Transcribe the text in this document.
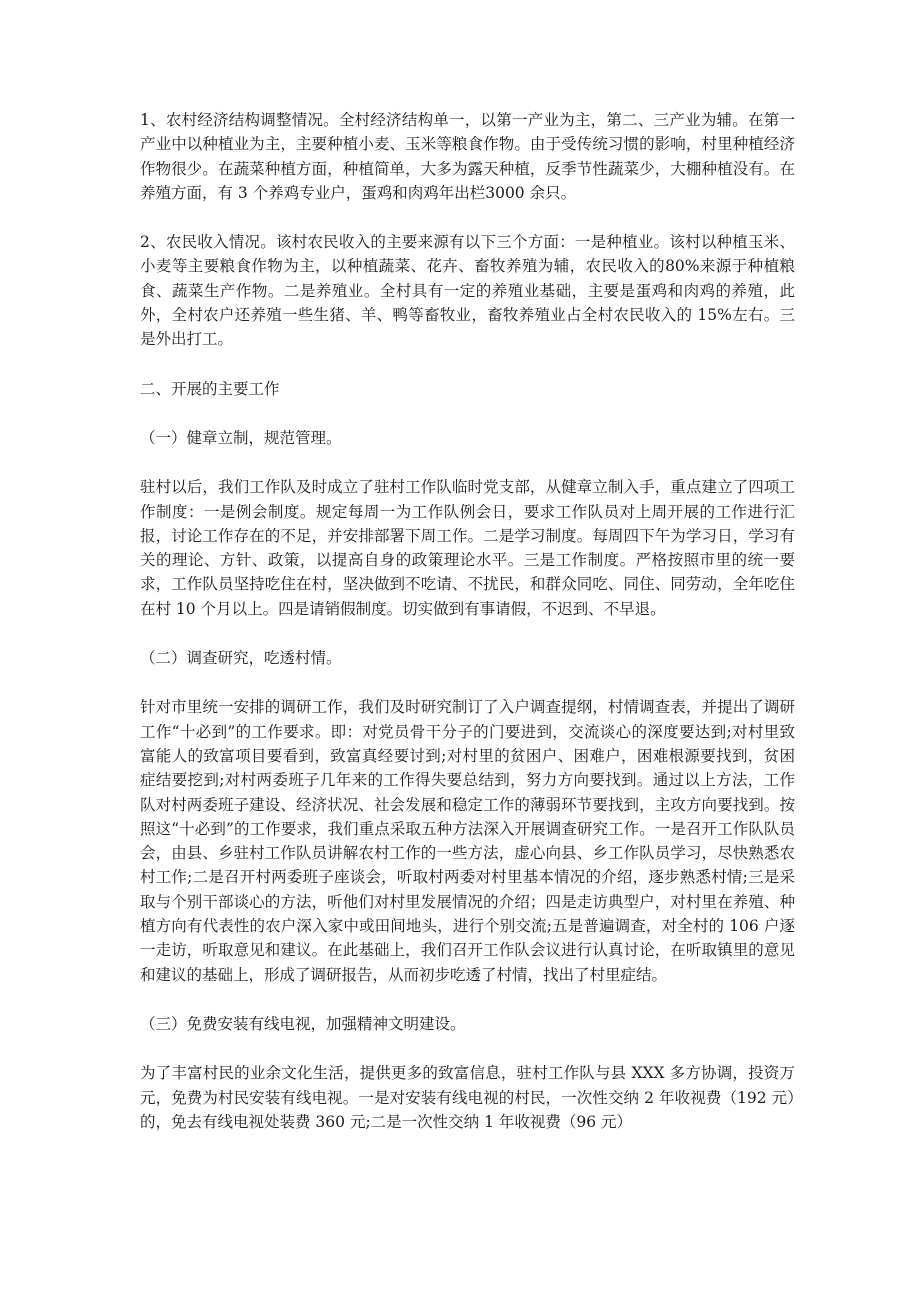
1、农村经济结构调整情况。全村经济结构单一，以第一产业为主，第二、三产业为辅。在第一产业中以种植业为主，主要种植小麦、玉米等粮食作物。由于受传统习惯的影响，村里种植经济作物很少。在蔬菜种植方面，种植简单，大多为露天种植，反季节性蔬菜少，大棚种植没有。在养殖方面，有 3 个养鸡专业户，蛋鸡和肉鸡年出栏3000 余只。

2、农民收入情况。该村农民收入的主要来源有以下三个方面：一是种植业。该村以种植玉米、小麦等主要粮食作物为主，以种植蔬菜、花卉、畜牧养殖为辅，农民收入的80%来源于种植粮食、蔬菜生产作物。二是养殖业。全村具有一定的养殖业基础，主要是蛋鸡和肉鸡的养殖，此外，全村农户还养殖一些生猪、羊、鸭等畜牧业，畜牧养殖业占全村农民收入的 15%左右。三是外出打工。

二、开展的主要工作

（一）健章立制，规范管理。

驻村以后，我们工作队及时成立了驻村工作队临时党支部，从健章立制入手，重点建立了四项工作制度：一是例会制度。规定每周一为工作队例会日，要求工作队员对上周开展的工作进行汇报，讨论工作存在的不足，并安排部署下周工作。二是学习制度。每周四下午为学习日，学习有关的理论、方针、政策，以提高自身的政策理论水平。三是工作制度。严格按照市里的统一要求，工作队员坚持吃住在村，坚决做到不吃请、不扰民，和群众同吃、同住、同劳动，全年吃住在村 10 个月以上。四是请销假制度。切实做到有事请假，不迟到、不早退。

（二）调查研究，吃透村情。

针对市里统一安排的调研工作，我们及时研究制订了入户调查提纲，村情调查表，并提出了调研工作“十必到”的工作要求。即：对党员骨干分子的门要进到，交流谈心的深度要达到;对村里致富能人的致富项目要看到，致富真经要讨到;对村里的贫困户、困难户，困难根源要找到，贫困症结要挖到;对村两委班子几年来的工作得失要总结到，努力方向要找到。通过以上方法，工作队对村两委班子建设、经济状况、社会发展和稳定工作的薄弱环节要找到，主攻方向要找到。按照这“十必到”的工作要求，我们重点采取五种方法深入开展调查研究工作。一是召开工作队队员会，由县、乡驻村工作队员讲解农村工作的一些方法，虚心向县、乡工作队员学习，尽快熟悉农村工作;二是召开村两委班子座谈会，听取村两委对村里基本情况的介绍，逐步熟悉村情;三是采取与个别干部谈心的方法，听他们对村里发展情况的介绍；四是走访典型户，对村里在养殖、种植方向有代表性的农户深入家中或田间地头，进行个别交流;五是普遍调查，对全村的 106 户逐一走访，听取意见和建议。在此基础上，我们召开工作队会议进行认真讨论，在听取镇里的意见和建议的基础上，形成了调研报告，从而初步吃透了村情，找出了村里症结。

（三）免费安装有线电视，加强精神文明建设。

为了丰富村民的业余文化生活，提供更多的致富信息，驻村工作队与县 XXX 多方协调，投资万元，免费为村民安装有线电视。一是对安装有线电视的村民，一次性交纳 2 年收视费（192 元）的，免去有线电视处装费 360 元;二是一次性交纳 1 年收视费（96 元）
